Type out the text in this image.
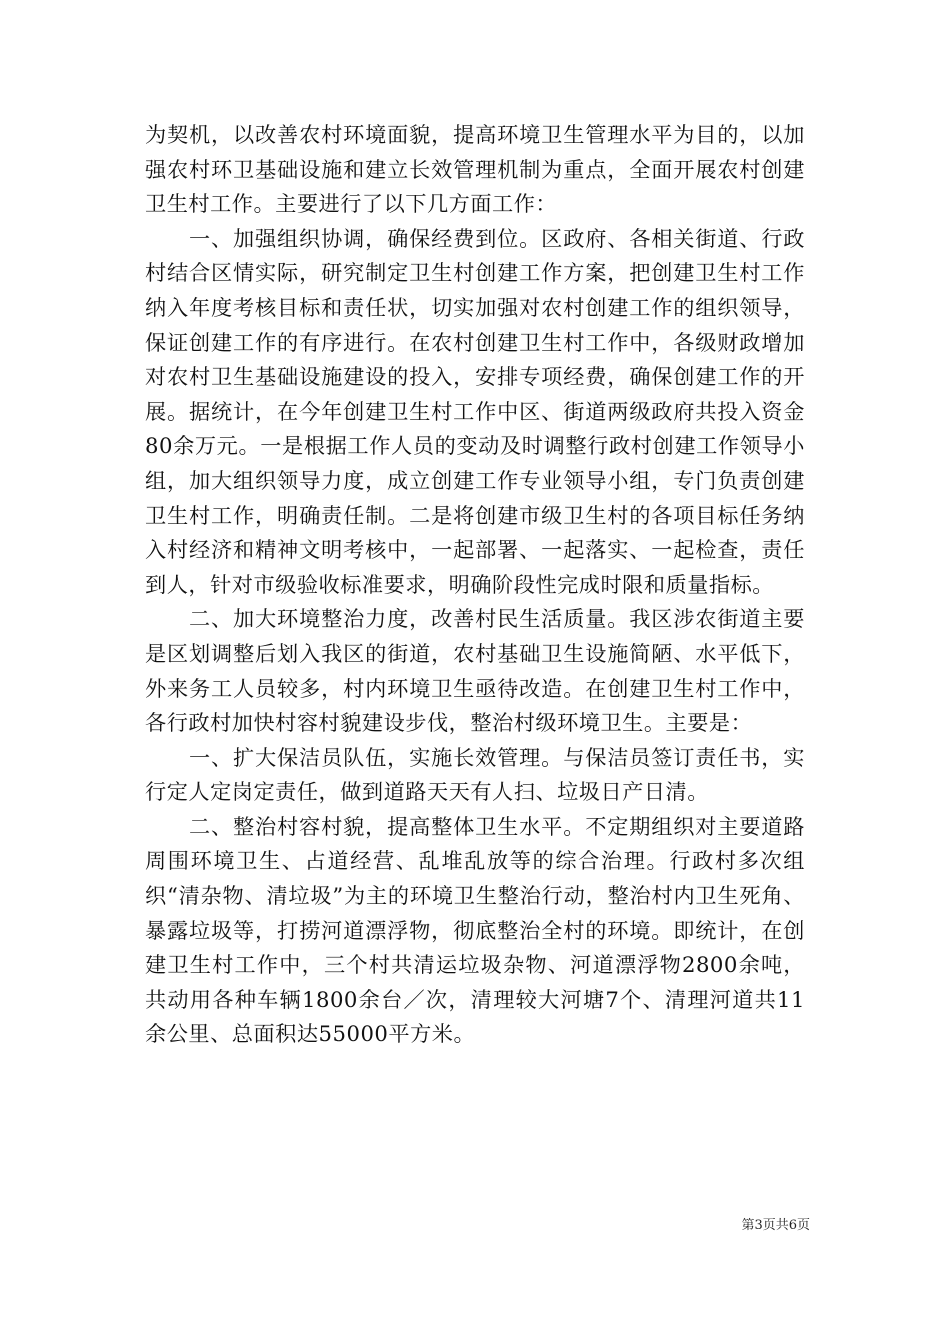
为契机，以改善农村环境面貌，提高环境卫生管理水平为目的，以加强农村环卫基础设施和建立长效管理机制为重点，全面开展农村创建卫生村工作。主要进行了以下几方面工作：

一、加强组织协调，确保经费到位。区政府、各相关街道、行政村结合区情实际，研究制定卫生村创建工作方案，把创建卫生村工作纳入年度考核目标和责任状，切实加强对农村创建工作的组织领导，保证创建工作的有序进行。在农村创建卫生村工作中，各级财政增加对农村卫生基础设施建设的投入，安排专项经费，确保创建工作的开展。据统计，在今年创建卫生村工作中区、街道两级政府共投入资金80余万元。一是根据工作人员的变动及时调整行政村创建工作领导小组，加大组织领导力度，成立创建工作专业领导小组，专门负责创建卫生村工作，明确责任制。二是将创建市级卫生村的各项目标任务纳入村经济和精神文明考核中，一起部署、一起落实、一起检查，责任到人，针对市级验收标准要求，明确阶段性完成时限和质量指标。

二、加大环境整治力度，改善村民生活质量。我区涉农街道主要是区划调整后划入我区的街道，农村基础卫生设施简陋、水平低下，外来务工人员较多，村内环境卫生亟待改造。在创建卫生村工作中，各行政村加快村容村貌建设步伐，整治村级环境卫生。主要是：

一、扩大保洁员队伍，实施长效管理。与保洁员签订责任书，实行定人定岗定责任，做到道路天天有人扫、垃圾日产日清。

二、整治村容村貌，提高整体卫生水平。不定期组织对主要道路周围环境卫生、占道经营、乱堆乱放等的综合治理。行政村多次组织“清杂物、清垃圾”为主的环境卫生整治行动，整治村内卫生死角、暴露垃圾等，打捞河道漂浮物，彻底整治全村的环境。即统计，在创建卫生村工作中，三个村共清运垃圾杂物、河道漂浮物2800余吨，共动用各种车辆1800余台／次，清理较大河塘7个、清理河道共11余公里、总面积达55000平方米。

第3页共6页
